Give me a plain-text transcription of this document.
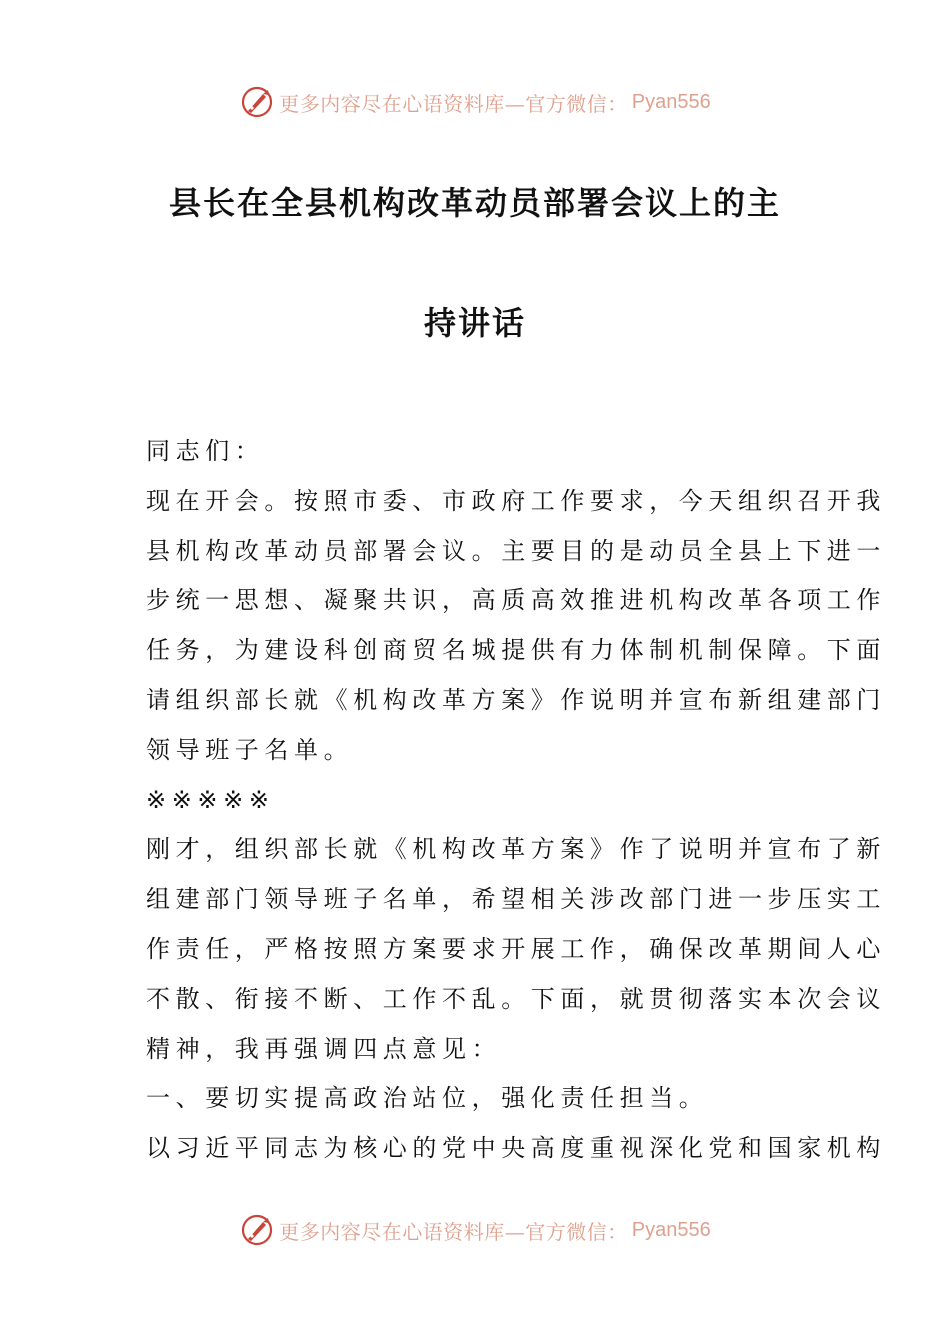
更多内容尽在心语资料库—官方微信： Pyan556
县长在全县机构改革动员部署会议上的主
持讲话

同志们：

现在开会。按照市委、市政府工作要求，今天组织召开我

县机构改革动员部署会议。主要目的是动员全县上下进一

步统一思想、凝聚共识，高质高效推进机构改革各项工作

任务，为建设科创商贸名城提供有力体制机制保障。下面

请组织部长就《机构改革方案》作说明并宣布新组建部门

领导班子名单。

※※※※※

刚才，组织部长就《机构改革方案》作了说明并宣布了新

组建部门领导班子名单，希望相关涉改部门进一步压实工

作责任，严格按照方案要求开展工作，确保改革期间人心

不散、衔接不断、工作不乱。下面，就贯彻落实本次会议

精神，我再强调四点意见：

一、要切实提高政治站位，强化责任担当。

以习近平同志为核心的党中央高度重视深化党和国家机构

更多内容尽在心语资料库—官方微信： Pyan556
